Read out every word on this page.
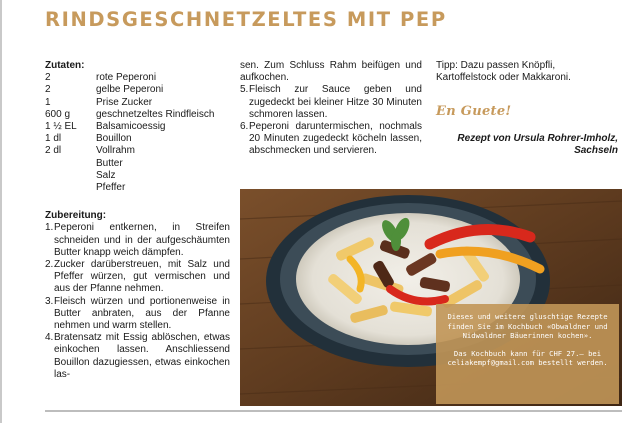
RINDSGESCHNETZELTES MIT PEP

Zutaten:

2	rote Peperoni
2	gelbe Peperoni
1	Prise Zucker
600 g	geschnetzeltes Rindfleisch
1 ½ EL	Balsamicoessig
1 dl	Bouillon
2 dl	Vollrahm
	Butter
	Salz
	Pfeffer

Zubereitung:

1. Peperoni entkernen, in Streifen schneiden und in der aufgeschäumten Butter knapp weich dämpfen.
2. Zucker darüberstreuen, mit Salz und Pfeffer würzen, gut vermischen und aus der Pfanne nehmen.
3. Fleisch würzen und portionenweise in Butter anbraten, aus der Pfanne nehmen und warm stellen.
4. Bratensatz mit Essig ablöschen, etwas einkochen lassen. Anschliessend Bouillon dazugiessen, etwas einkochen las-
sen. Zum Schluss Rahm beifügen und aufkochen.
5. Fleisch zur Sauce geben und zugedeckt bei kleiner Hitze 30 Minuten schmoren lassen.
6. Peperoni daruntermischen, nochmals 20 Minuten zugedeckt köcheln lassen, abschmecken und servieren.

Tipp: Dazu passen Knöpfli, Kartoffelstock oder Makkaroni.

En Guete!
Rezept von Ursula Rohrer-Imholz,
Sachseln

Dieses und weitere gluschtige Rezepte finden Sie im Kochbuch «Obwaldner und Nidwaldner Bäuerinnen kochen».

Das Kochbuch kann für CHF 27.– bei celiakempf@gmail.com bestellt werden.
